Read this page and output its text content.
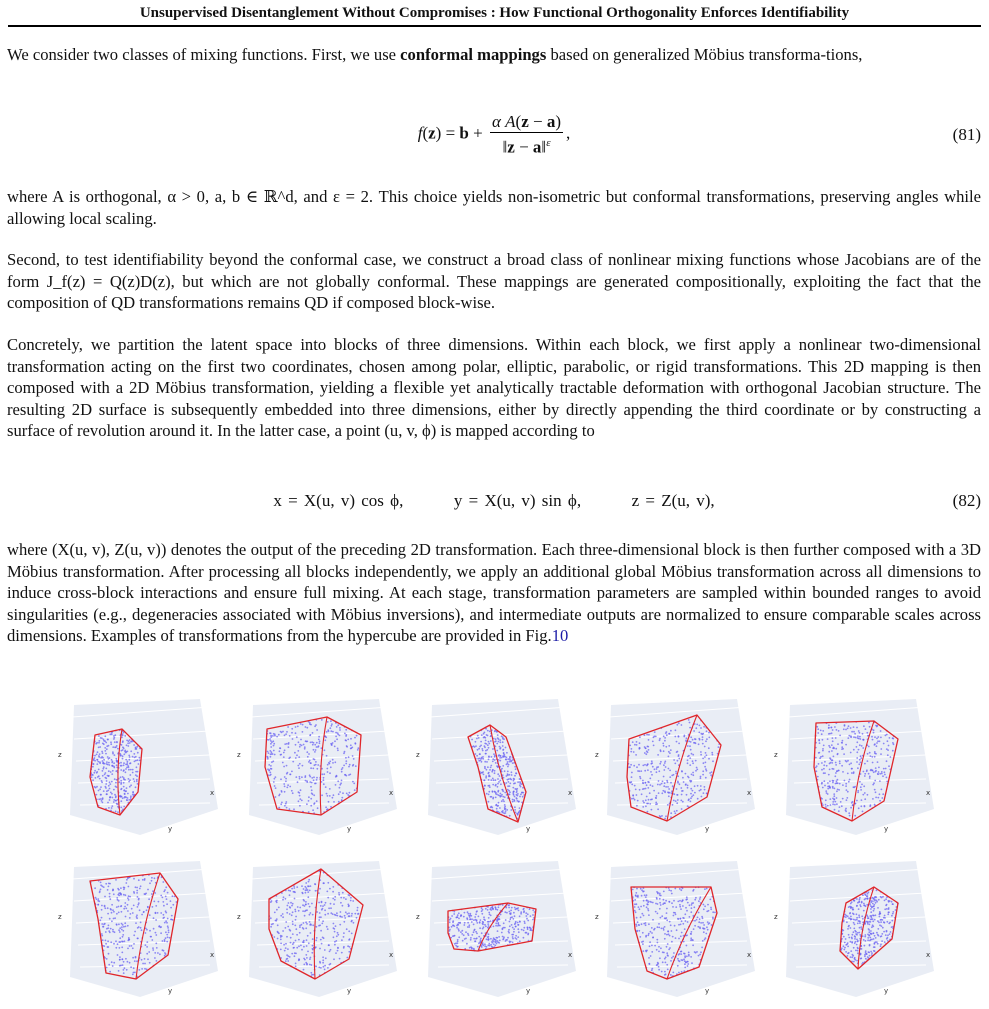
Unsupervised Disentanglement Without Compromises : How Functional Orthogonality Enforces Identifiability

We consider two classes of mixing functions. First, we use conformal mappings based on generalized Möbius transforma-tions,

$f(z) = b + \frac{\text{α A(z − a)}}{‖z - a‖^\varepsilon}$ ,	(81)

where A is orthogonal, α > 0, a, b ∈ ℝ^d, and ε = 2. This choice yields non-isometric but conformal transformations, preserving angles while allowing local scaling.

Second, to test identifiability beyond the conformal case, we construct a broad class of nonlinear mixing functions whose Jacobians are of the form J_f(z) = Q(z)D(z), but which are not globally conformal. These mappings are generated compositionally, exploiting the fact that the composition of QD transformations remains QD if composed block-wise.

Concretely, we partition the latent space into blocks of three dimensions. Within each block, we first apply a nonlinear two-dimensional transformation acting on the first two coordinates, chosen among polar, elliptic, parabolic, or rigid transformations. This 2D mapping is then composed with a 2D Möbius transformation, yielding a flexible yet analytically tractable deformation with orthogonal Jacobian structure. The resulting 2D surface is subsequently embedded into three dimensions, either by directly appending the third coordinate or by constructing a surface of revolution around it. In the latter case, a point (u, v, ϕ) is mapped according to

x = X(u, v) cos ϕ,	y = X(u, v) sin ϕ,	z = Z(u, v),	(82)

where (X(u, v), Z(u, v)) denotes the output of the preceding 2D transformation. Each three-dimensional block is then further composed with a 3D Möbius transformation. After processing all blocks independently, we apply an additional global Möbius transformation across all dimensions to induce cross-block interactions and ensure full mixing. At each stage, transformation parameters are sampled within bounded ranges to avoid singularities (e.g., degeneracies associated with Möbius inversions), and intermediate outputs are normalized to ensure comparable scales across dimensions. Examples of transformations from the hypercube are provided in Fig.10

z
x
y
z
x
y
z
x
y
z
x
y
z
x
y
z
x
y
z
x
y
z
x
y
z
x
y
z
x
y
